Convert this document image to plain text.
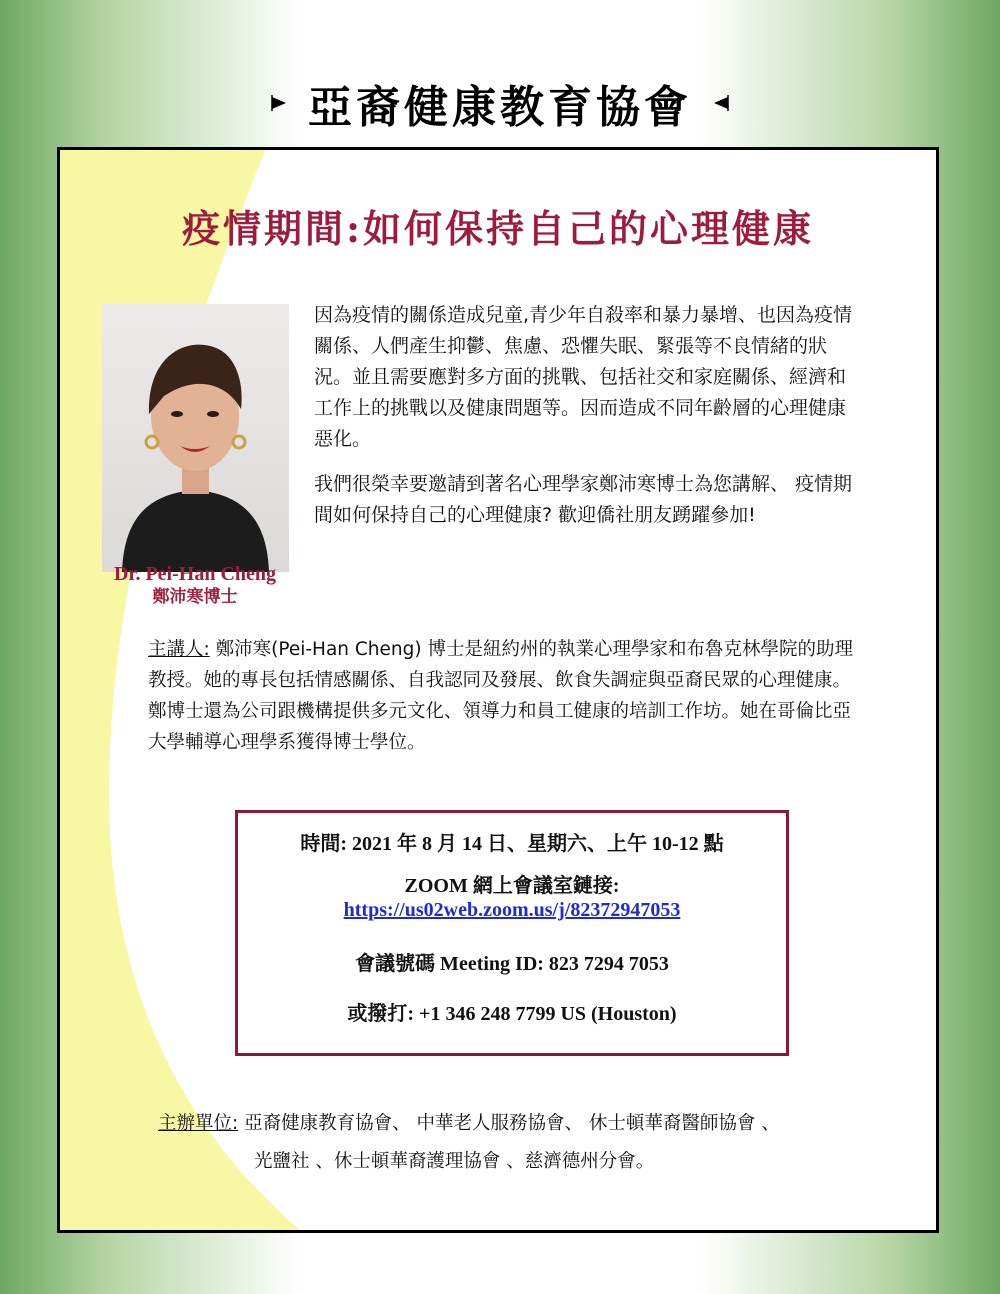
亞裔健康教育協會
疫情期間:如何保持自己的心理健康
Dr. Pei-Han Cheng
鄭沛寒博士

因為疫情的關係造成兒童,青少年自殺率和暴力暴增、也因為疫情關係、人們產生抑鬱、焦慮、恐懼失眠、緊張等不良情緒的狀況。並且需要應對多方面的挑戰、包括社交和家庭關係、經濟和工作上的挑戰以及健康問題等。因而造成不同年齡層的心理健康惡化。

我們很榮幸要邀請到著名心理學家鄭沛寒博士為您講解、 疫情期間如何保持自己的心理健康? 歡迎僑社朋友踴躍參加!

主講人: 鄭沛寒(Pei-Han Cheng) 博士是紐約州的執業心理學家和布魯克林學院的助理教授。她的專長包括情感關係、自我認同及發展、飲食失調症與亞裔民眾的心理健康。鄭博士還為公司跟機構提供多元文化、領導力和員工健康的培訓工作坊。她在哥倫比亞大學輔導心理學系獲得博士學位。
時間: 2021 年 8 月 14 日、星期六、上午 10-12 點
ZOOM 網上會議室鏈接:
https://us02web.zoom.us/j/82372947053
會議號碼 Meeting ID: 823 7294 7053
或撥打: +1 346 248 7799 US (Houston)
主辦單位: 亞裔健康教育協會、 中華老人服務協會、 休士頓華裔醫師協會 、
光鹽社 、休士頓華裔護理協會 、慈濟德州分會。
